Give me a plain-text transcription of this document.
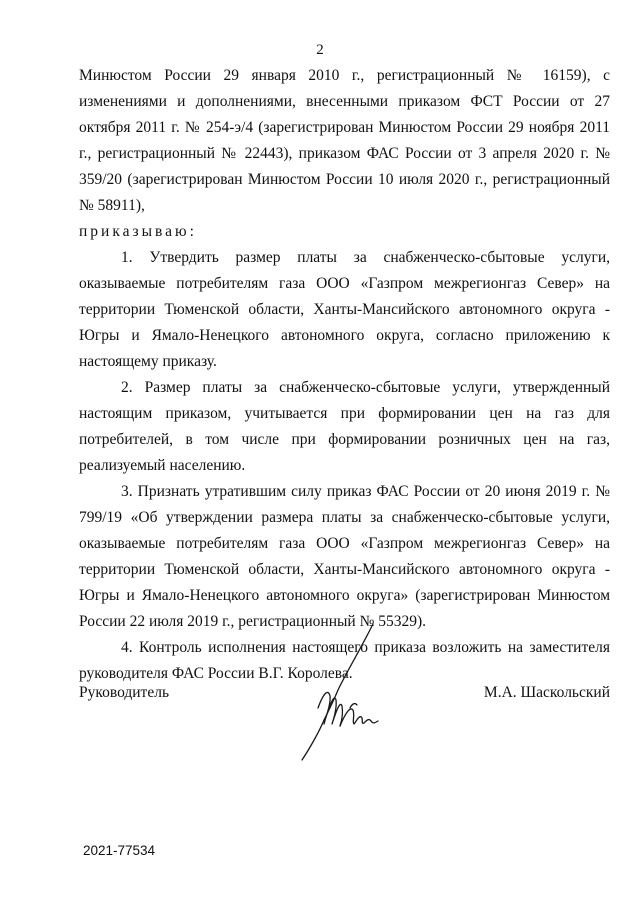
2

Минюстом России 29 января 2010 г., регистрационный № 16159), с изменениями и дополнениями, внесенными приказом ФСТ России от 27 октября 2011 г. № 254-э/4 (зарегистрирован Минюстом России 29 ноября 2011 г., регистрационный № 22443), приказом ФАС России от 3 апреля 2020 г. № 359/20 (зарегистрирован Минюстом России 10 июля 2020 г., регистрационный № 58911),

приказываю:

1. Утвердить размер платы за снабженческо-сбытовые услуги, оказываемые потребителям газа ООО «Газпром межрегионгаз Север» на территории Тюменской области, Ханты-Мансийского автономного округа - Югры и Ямало-Ненецкого автономного округа, согласно приложению к настоящему приказу.

2. Размер платы за снабженческо-сбытовые услуги, утвержденный настоящим приказом, учитывается при формировании цен на газ для потребителей, в том числе при формировании розничных цен на газ, реализуемый населению.

3. Признать утратившим силу приказ ФАС России от 20 июня 2019 г. № 799/19 «Об утверждении размера платы за снабженческо-сбытовые услуги, оказываемые потребителям газа ООО «Газпром межрегионгаз Север» на территории Тюменской области, Ханты-Мансийского автономного округа - Югры и Ямало-Ненецкого автономного округа» (зарегистрирован Минюстом России 22 июля 2019 г., регистрационный № 55329).

4. Контроль исполнения настоящего приказа возложить на заместителя руководителя ФАС России В.Г. Королева.

Руководитель	М.А. Шаскольский
2021-77534
